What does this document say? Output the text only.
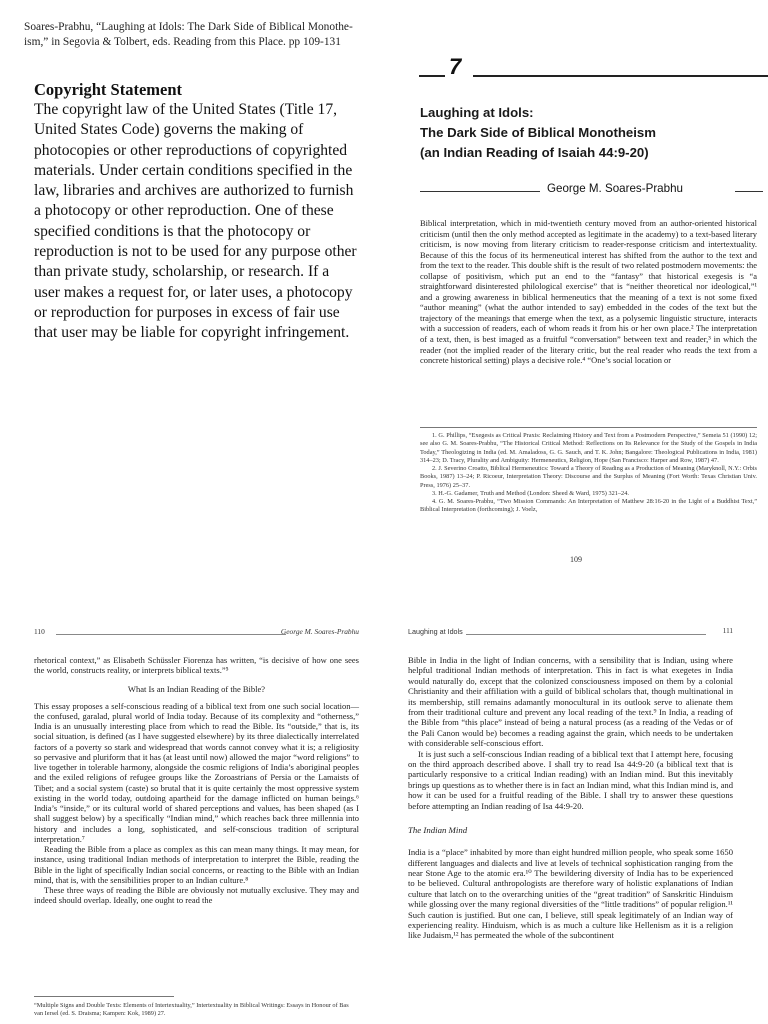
Soares-Prabhu, “Laughing at Idols: The Dark Side of Biblical Monothe-
ism,” in Segovia & Tolbert, eds. Reading from this Place. pp 109-131
Copyright Statement

The copyright law of the United States (Title 17, United States Code) governs the making of photocopies or other reproductions of copyrighted materials. Under certain conditions specified in the law, libraries and archives are authorized to furnish a photocopy or other reproduction. One of these specified conditions is that the photocopy or reproduction is not to be used for any purpose other than private study, scholarship, or research. If a user makes a request for, or later uses, a photocopy or reproduction for purposes in excess of fair use that user may be liable for copyright infringement.

7
Laughing at Idols:
The Dark Side of Biblical Monotheism
(an Indian Reading of Isaiah 44:9-20)
George M. Soares-Prabhu

Biblical interpretation, which in mid-twentieth century moved from an author-oriented historical criticism (until then the only method accepted as legitimate in the academy) to a text-based literary criticism, is now moving from literary criticism to reader-response criticism and intertextuality. Because of this the focus of its hermeneutical interest has shifted from the author to the text and from the text to the reader. This double shift is the result of two related postmodern movements: the collapse of positivism, which put an end to the “fantasy” that historical exegesis is “a straightforward disinterested philological exercise” that is “neither theoretical nor ideological,”¹ and a growing awareness in biblical hermeneutics that the meaning of a text is not some fixed “author meaning” (what the author intended to say) embedded in the codes of the text but the trajectory of the meanings that emerge when the text, as a polysemic linguistic structure, interacts with a succession of readers, each of whom reads it from his or her own place.² The interpretation of a text, then, is best imaged as a fruitful “conversation” between text and reader,³ in which the reader (not the implied reader of the literary critic, but the real reader who reads the text from a concrete historical setting) plays a decisive role.⁴ “One’s social location or

1. G. Phillips, “Exegesis as Critical Praxis: Reclaiming History and Text from a Postmodern Perspective,” Semeia 51 (1990) 12; see also G. M. Soares-Prabhu, “The Historical Critical Method: Reflections on Its Relevance for the Study of the Gospels in India Today,” Theologizing in India (ed. M. Amaladoss, G. G. Sauch, and T. K. John; Bangalore: Theological Publications in India, 1981) 314–23; D. Tracy, Plurality and Ambiguity: Hermeneutics, Religion, Hope (San Francisco: Harper and Row, 1987) 47.

2. J. Severino Croatto, Biblical Hermeneutics: Toward a Theory of Reading as a Production of Meaning (Maryknoll, N.Y.: Orbis Books, 1987) 13–24; P. Ricoeur, Interpretation Theory: Discourse and the Surplus of Meaning (Fort Worth: Texas Christian Univ. Press, 1976) 25–37.

3. H.-G. Gadamer, Truth and Method (London: Sheed & Ward, 1975) 321–24.

4. G. M. Soares-Prabhu, “Two Mission Commands: An Interpretation of Matthew 28:16-20 in the Light of a Buddhist Text,” Biblical Interpretation (forthcoming); J. Voelz,

109
110	George M. Soares-Prabhu

rhetorical context,” as Elisabeth Schüssler Fiorenza has written, “is decisive of how one sees the world, constructs reality, or interprets biblical texts.”⁵

What Is an Indian Reading of the Bible?

This essay proposes a self-conscious reading of a biblical text from one such social location—the confused, garalad, plural world of India today. Because of its complexity and “otherness,” India is an unusually interesting place from which to read the Bible. Its “outside,” that is, its social situation, is defined (as I have suggested elsewhere) by its three dialectically interrelated factors of a poverty so stark and widespread that words cannot convey what it is; a religiosity so pervasive and pluriform that it has (at least until now) allowed the major “word religions” to live together in tolerable harmony, alongside the cosmic religions of India’s aboriginal peoples and the exiled religions of refugee groups like the Zoroastrians of Persia or the Lamaists of Tibet; and a social system (caste) so brutal that it is quite certainly the most oppressive system existing in the world today, outdoing apartheid for the damage inflicted on human beings.⁶ India’s “inside,” or its cultural world of shared perceptions and values, has been shaped (as I shall suggest below) by a specifically “Indian mind,” which reaches back three millennia into history and includes a long, sophisticated, and self-conscious tradition of scriptural interpretation.⁷

Reading the Bible from a place as complex as this can mean many things. It may mean, for instance, using traditional Indian methods of interpretation to interpret the Bible, reading the Bible in the light of specifically Indian social concerns, or reacting to the Bible with an Indian mind, that is, with the sensibilities proper to an Indian culture.⁸

These three ways of reading the Bible are obviously not mutually exclusive. They may and indeed should overlap. Ideally, one ought to read the

“Multiple Signs and Double Texts: Elements of Intertextuality,” Intertextuality in Biblical Writings: Essays in Honour of Bas van Iersel (ed. S. Draisma; Kampen: Kok, 1989) 27.

Laughing at Idols	111

Bible in India in the light of Indian concerns, with a sensibility that is Indian, using where helpful traditional Indian methods of interpretation. This in fact is what exegetes in India would naturally do, except that the colonized consciousness imposed on them by a colonial Christianity and their affiliation with a guild of biblical scholars that, though multinational in its membership, still remains adamantly monocultural in its outlook serve to alienate them from their traditional culture and prevent any local reading of the text.⁹ In India, a reading of the Bible from “this place” instead of being a natural process (as a reading of the Vedas or of the Pali Canon would be) becomes a reading against the grain, which needs to be undertaken with considerable self-conscious effort.

It is just such a self-conscious Indian reading of a biblical text that I attempt here, focusing on the third approach described above. I shall try to read Isa 44:9-20 (a biblical text that is particularly responsive to a critical Indian reading) with an Indian mind. But this inevitably brings up questions as to whether there is in fact an Indian mind, what this Indian mind is, and how it can be used for a fruitful reading of the Bible. I shall try to answer these questions before attempting an Indian reading of Isa 44:9-20.

The Indian Mind

India is a “place” inhabited by more than eight hundred million people, who speak some 1650 different languages and dialects and live at levels of technical sophistication ranging from the near Stone Age to the atomic era.¹⁰ The bewildering diversity of India has to be experienced to be believed. Cultural anthropologists are therefore wary of holistic explanations of Indian culture that latch on to the overarching unities of the “great tradition” of Sanskritic Hinduism while glossing over the many regional diversities of the “little traditions” of popular religion.¹¹ Such caution is justified. But one can, I believe, still speak legitimately of an Indian way of experiencing reality. Hinduism, which is as much a culture like Hellenism as it is a religion like Judaism,¹² has permeated the whole of the subcontinent
